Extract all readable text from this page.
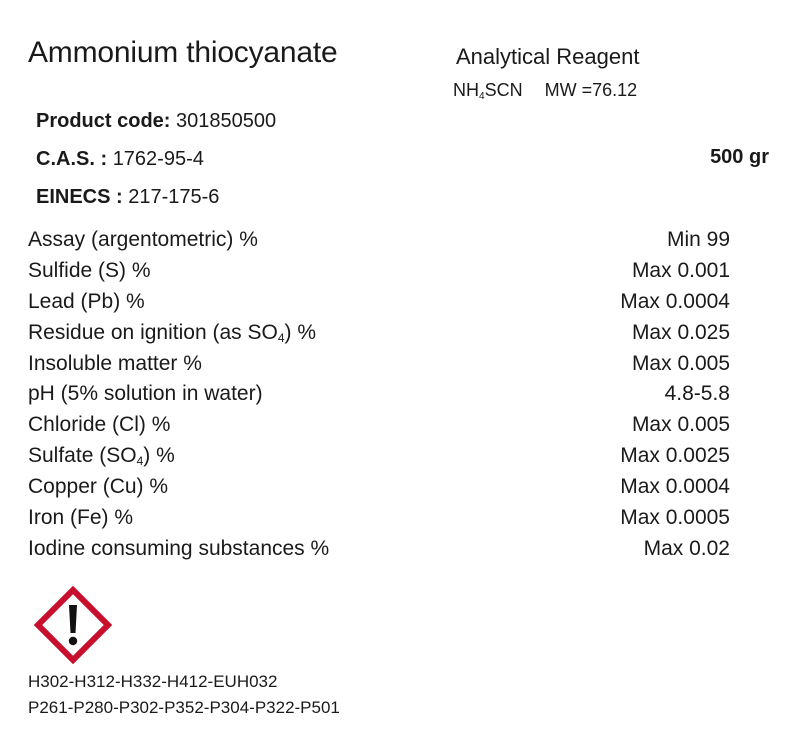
Ammonium thiocyanate	Analytical Reagent
$NH_4SCN$ MW =76.12
Product code: 301850500
C.A.S. : 1762-95-4
EINECS : 217-175-6
500 gr
Assay (argentometric) %	Min 99
Sulfide (S) %	Max 0.001
Lead (Pb) %	Max 0.0004
Residue on ignition (as $SO_4$) %	Max 0.025
Insoluble matter %	Max 0.005
pH (5% solution in water)	4.8-5.8
Chloride (Cl) %	Max 0.005
Sulfate $(SO_4)$ %	Max 0.0025
Copper (Cu) %	Max 0.0004
Iron (Fe) %	Max 0.0005
Iodine consuming substances %	Max 0.02
H302-H312-H332-H412-EUH032
P261-P280-P302-P352-P304-P322-P501
